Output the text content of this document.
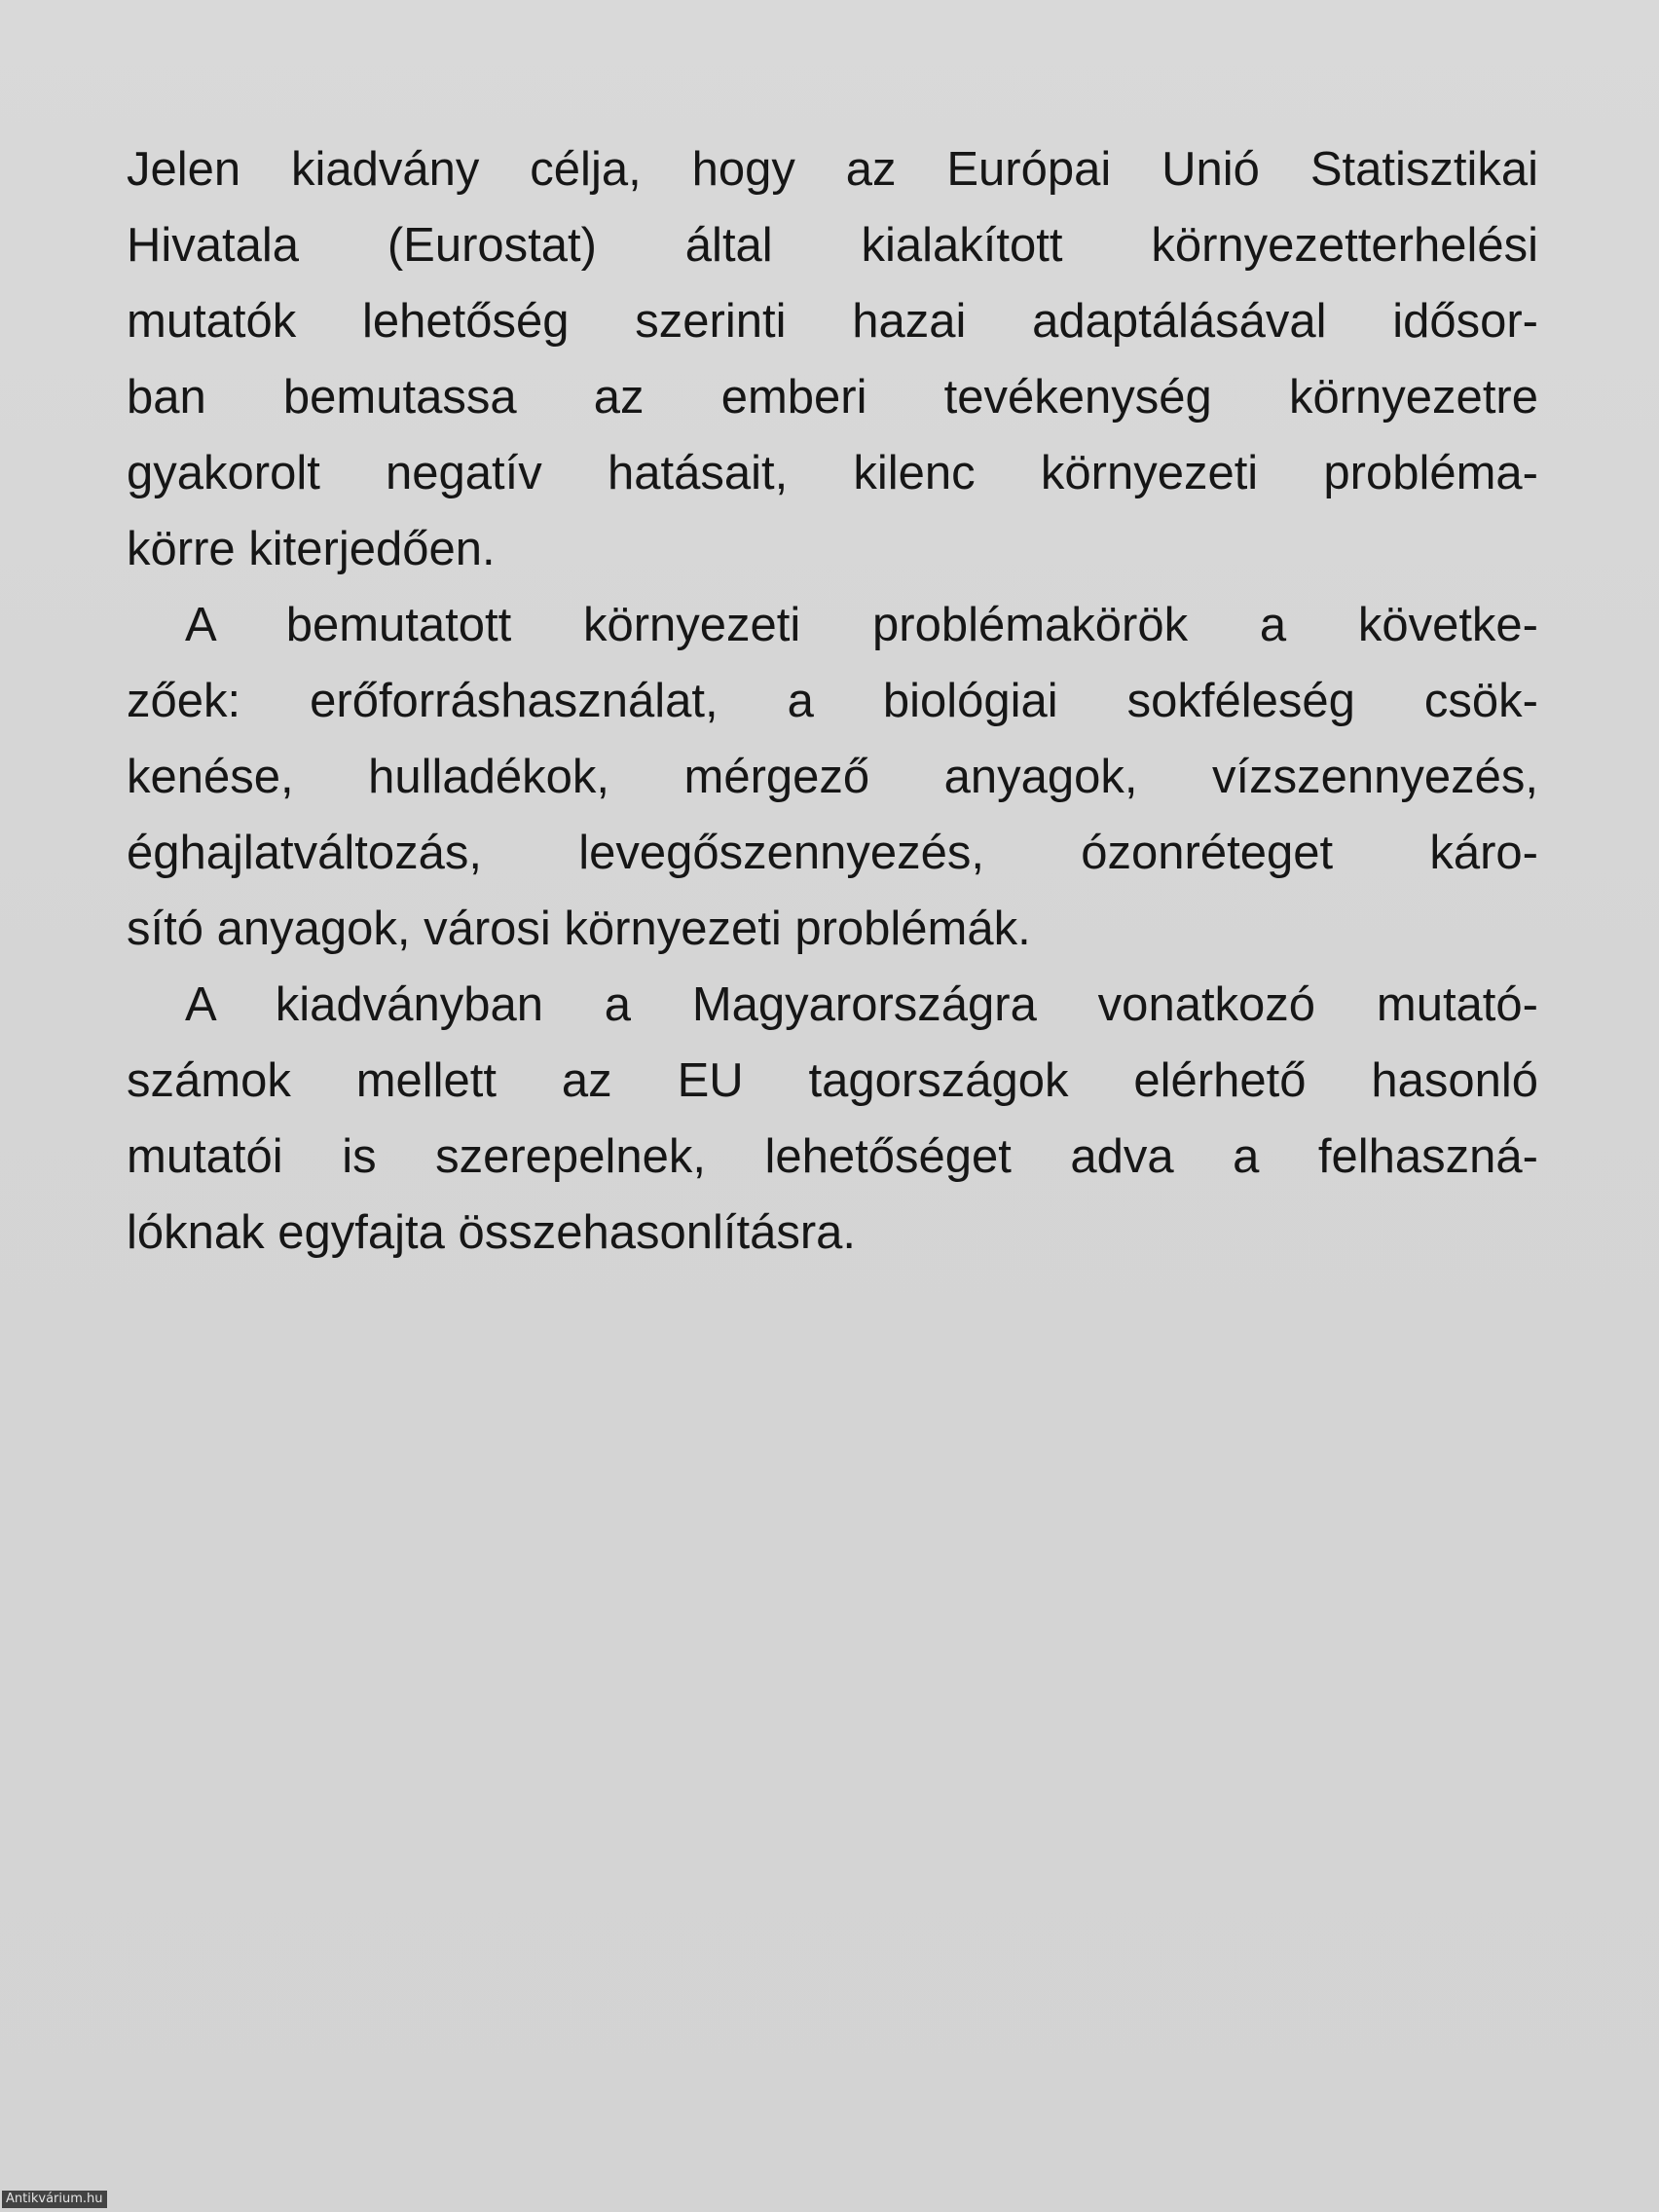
Jelen kiadvány célja, hogy az Európai Unió Statisztikai
Hivatala (Eurostat) által kialakított környezetterhelési
mutatók lehetőség szerinti hazai adaptálásával idősor-
ban bemutassa az emberi tevékenység környezetre
gyakorolt negatív hatásait, kilenc környezeti probléma-
körre kiterjedően.
A bemutatott környezeti problémakörök a követke-
zőek: erőforráshasználat, a biológiai sokféleség csök-
kenése, hulladékok, mérgező anyagok, vízszennyezés,
éghajlatváltozás, levegőszennyezés, ózonréteget káro-
sító anyagok, városi környezeti problémák.
A kiadványban a Magyarországra vonatkozó mutató-
számok mellett az EU tagországok elérhető hasonló
mutatói is szerepelnek, lehetőséget adva a felhaszná-
lóknak egyfajta összehasonlításra.
Antikvárium.hu
